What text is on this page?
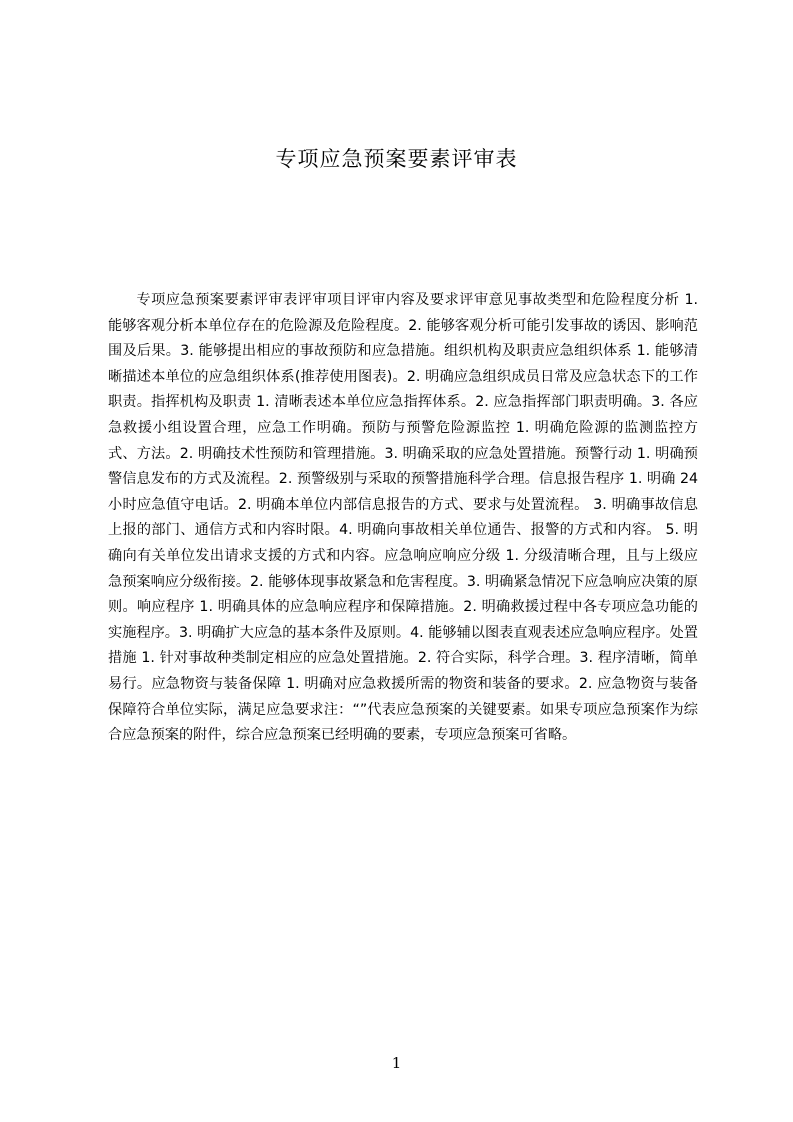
专项应急预案要素评审表
专项应急预案要素评审表评审项目评审内容及要求评审意见事故类型和危险程度分析 1. 能够客观分析本单位存在的危险源及危险程度。2. 能够客观分析可能引发事故的诱因、影响范围及后果。3. 能够提出相应的事故预防和应急措施。组织机构及职责应急组织体系 1. 能够清晰描述本单位的应急组织体系(推荐使用图表)。2. 明确应急组织成员日常及应急状态下的工作职责。指挥机构及职责 1. 清晰表述本单位应急指挥体系。2. 应急指挥部门职责明确。3. 各应急救援小组设置合理，应急工作明确。预防与预警危险源监控 1. 明确危险源的监测监控方式、方法。2. 明确技术性预防和管理措施。3. 明确采取的应急处置措施。预警行动 1. 明确预警信息发布的方式及流程。2. 预警级别与采取的预警措施科学合理。信息报告程序 1. 明确 24 小时应急值守电话。2. 明确本单位内部信息报告的方式、要求与处置流程。 3. 明确事故信息上报的部门、通信方式和内容时限。4. 明确向事故相关单位通告、报警的方式和内容。 5. 明确向有关单位发出请求支援的方式和内容。应急响应响应分级 1. 分级清晰合理，且与上级应急预案响应分级衔接。2. 能够体现事故紧急和危害程度。3. 明确紧急情况下应急响应决策的原则。响应程序 1. 明确具体的应急响应程序和保障措施。2. 明确救援过程中各专项应急功能的实施程序。3. 明确扩大应急的基本条件及原则。4. 能够辅以图表直观表述应急响应程序。处置措施 1. 针对事故种类制定相应的应急处置措施。2. 符合实际，科学合理。3. 程序清晰，简单易行。应急物资与装备保障 1. 明确对应急救援所需的物资和装备的要求。2. 应急物资与装备保障符合单位实际，满足应急要求注：“”代表应急预案的关键要素。如果专项应急预案作为综合应急预案的附件，综合应急预案已经明确的要素，专项应急预案可省略。
1
